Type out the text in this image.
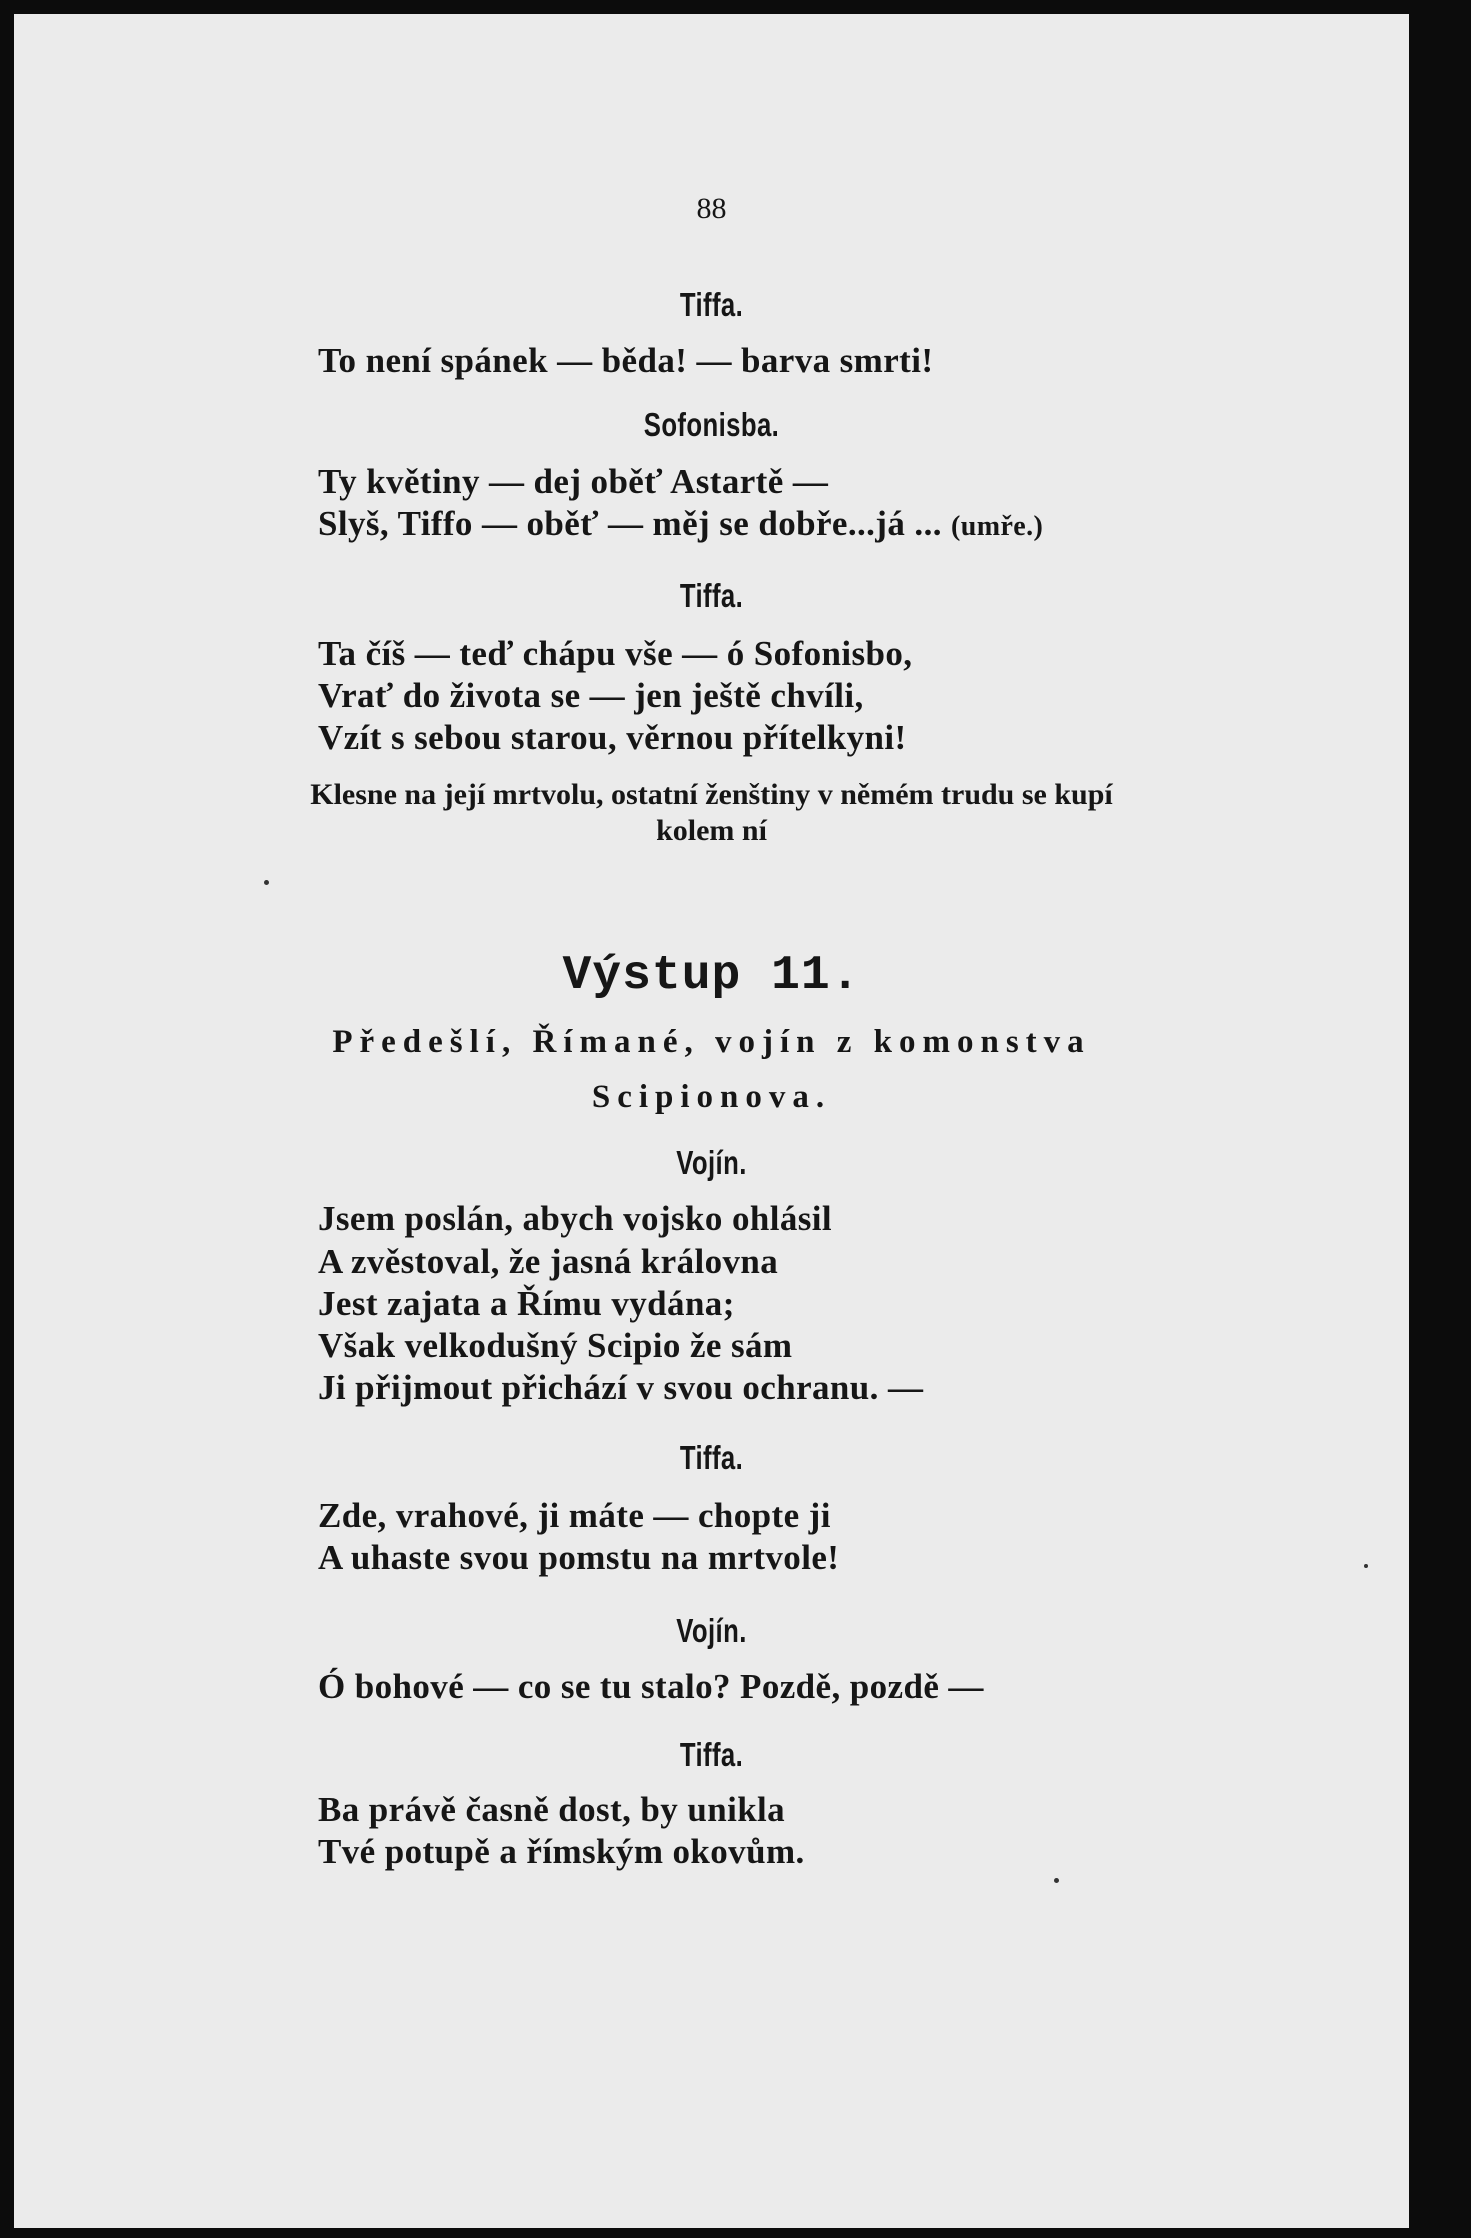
88
Tiffa.
To není spánek — běda! — barva smrti!
Sofonisba.
Ty květiny — dej oběť Astartě —
Slyš, Tiffo — oběť — měj se dobře...já ... (umře.)
Tiffa.
Ta číš — teď chápu vše — ó Sofonisbo,
Vrať do života se — jen ještě chvíli,
Vzít s sebou starou, věrnou přítelkyni!
Klesne na její mrtvolu, ostatní ženštiny v němém trudu se kupí
kolem ní
Výstup 11.
Předešlí, Římané, vojín z komonstva
Scipionova.
Vojín.
Jsem poslán, abych vojsko ohlásil
A zvěstoval, že jasná královna
Jest zajata a Římu vydána;
Však velkodušný Scipio že sám
Ji přijmout přichází v svou ochranu. —
Tiffa.
Zde, vrahové, ji máte — chopte ji
A uhaste svou pomstu na mrtvole!
Vojín.
Ó bohové — co se tu stalo? Pozdě, pozdě —
Tiffa.
Ba právě časně dost, by unikla
Tvé potupě a římským okovům.
